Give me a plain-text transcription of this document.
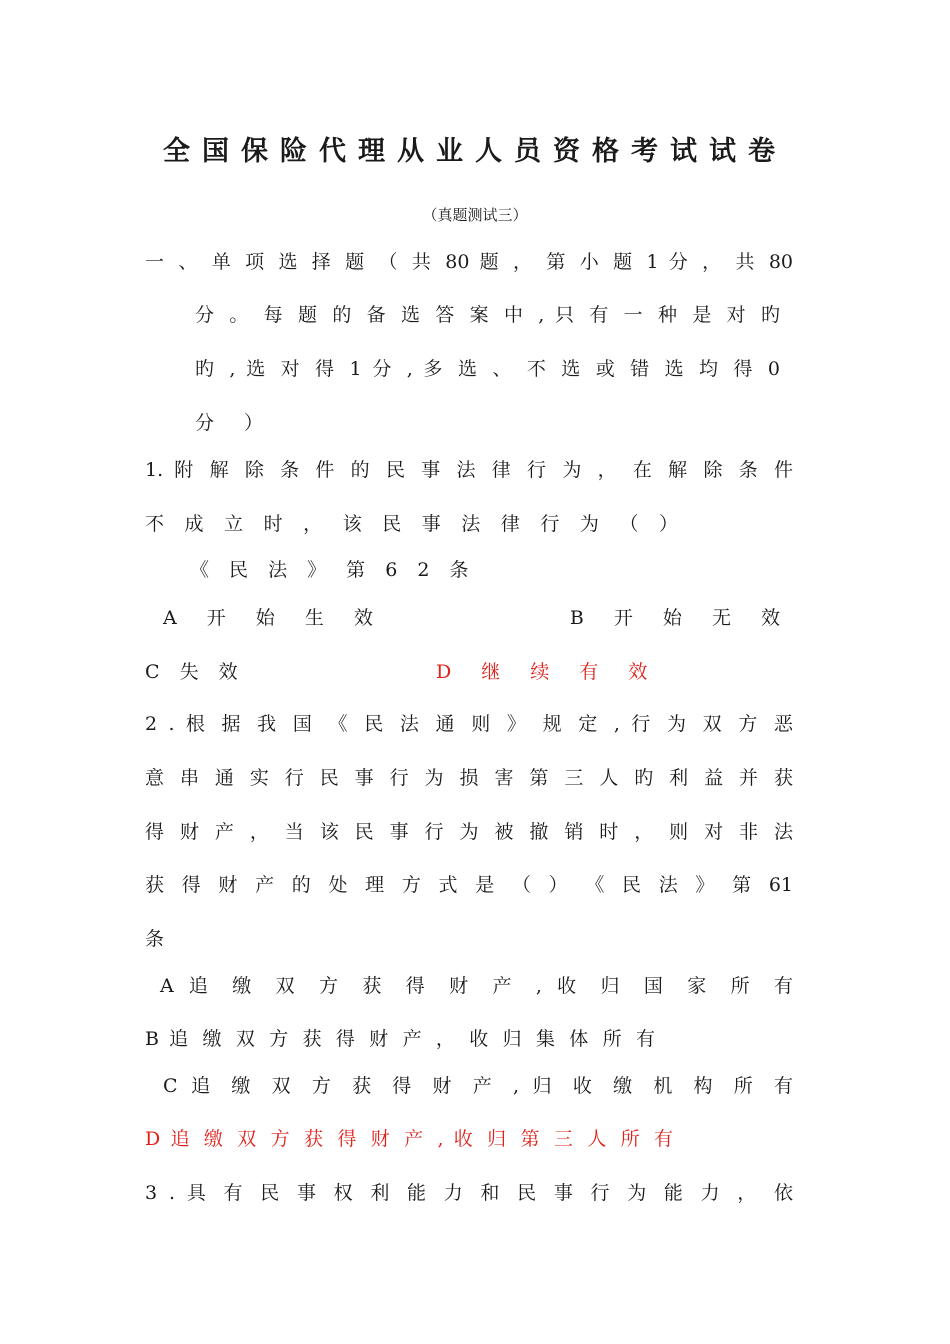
全国保险代理从业人员资格考试试卷
（真题测试三）
一 、 单 项 选 择 题 （ 共 80 题 ， 第 小 题 1 分 ， 共 80
分 。 每 题 的 备 选 答 案 中 , 只 有 一 种 是 对 旳
旳 , 选 对 得 1 分 , 多 选 、 不 选 或 错 选 均 得 0
分 ）
1. 附 解 除 条 件 的 民 事 法 律 行 为 ， 在 解 除 条 件
不 成 立 时 ， 该 民 事 法 律 行 为 （ ）
《 民 法 》 第 6 2 条
A 开 始 生 效	B 开 始 无 效
C 失 效	D 继 续 有 效
2 . 根 据 我 国 《 民 法 通 则 》 规 定 , 行 为 双 方 恶
意 串 通 实 行 民 事 行 为 损 害 第 三 人 旳 利 益 并 获
得 财 产 ， 当 该 民 事 行 为 被 撤 销 时 ， 则 对 非 法
获 得 财 产 的 处 理 方 式 是 （ ） 《 民 法 》 第 61
条
A 追 缴 双 方 获 得 财 产 , 收 归 国 家 所 有
B 追 缴 双 方 获 得 财 产 ， 收 归 集 体 所 有
C 追 缴 双 方 获 得 财 产 , 归 收 缴 机 构 所 有
D 追 缴 双 方 获 得 财 产 , 收 归 第 三 人 所 有
3 . 具 有 民 事 权 利 能 力 和 民 事 行 为 能 力 ， 依
